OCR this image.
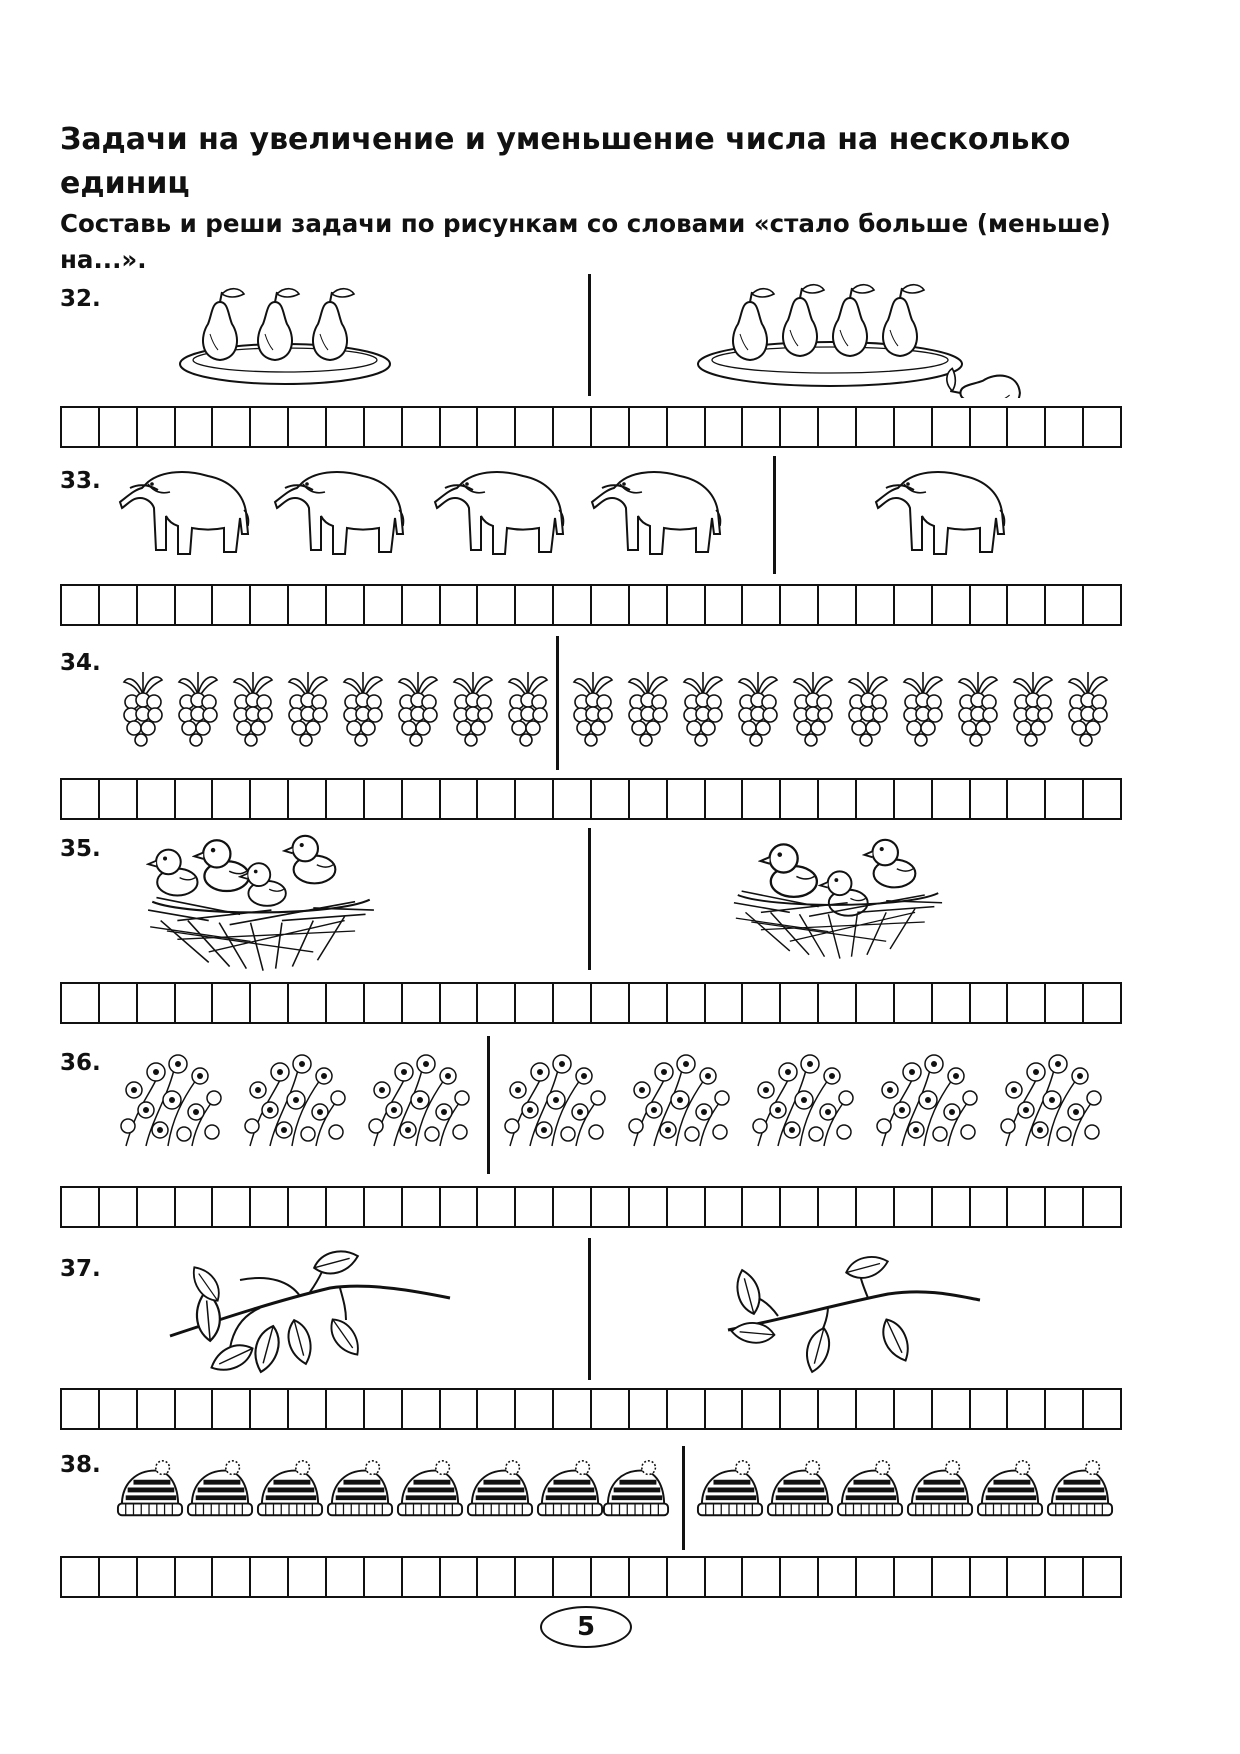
Задачи на увеличение и уменьшение числа на несколько единиц

Составь и реши задачи по рисункам со словами «стало больше (меньше) на...».

32.
33.
34.
35.
36.
37.
38.
5
